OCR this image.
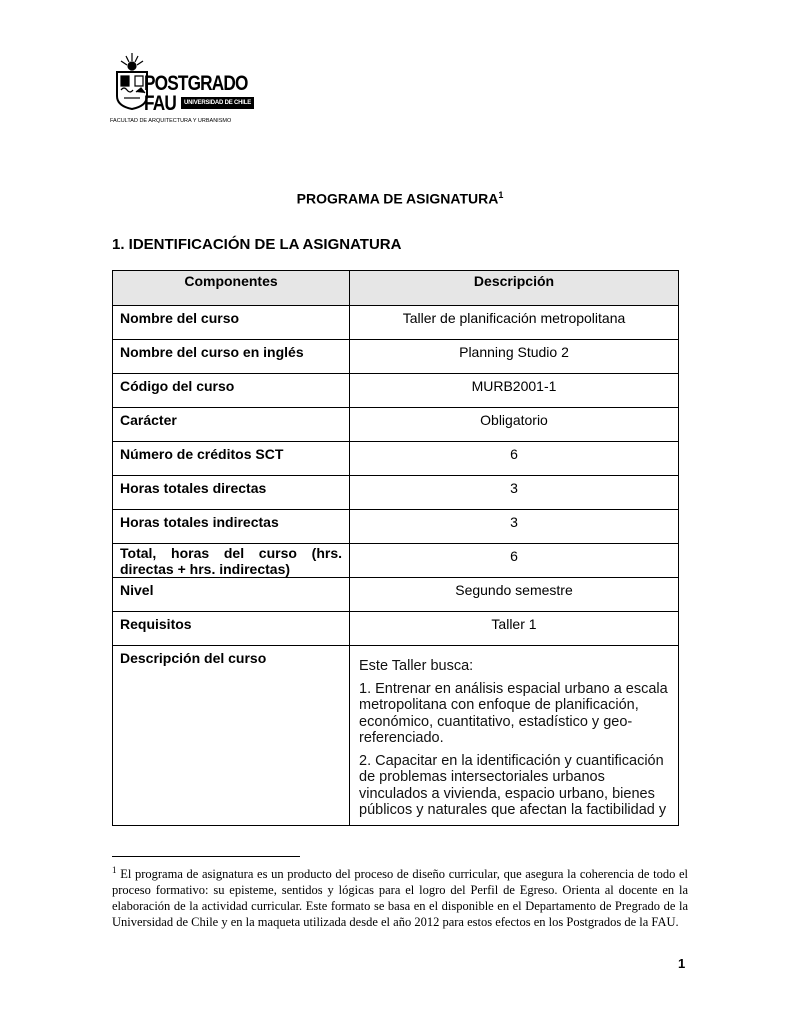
POSTGRADO
FAU	UNIVERSIDAD DE CHILE
FACULTAD DE ARQUITECTURA Y URBANISMO
PROGRAMA DE ASIGNATURA$^1$
1. IDENTIFICACIÓN DE LA ASIGNATURA
Componentes	Descripción
Nombre del curso	Taller de planificación metropolitana
Nombre del curso en inglés	Planning Studio 2
Código del curso	MURB2001-1
Carácter	Obligatorio
Número de créditos SCT	6
Horas totales directas	3
Horas totales indirectas	3
Total, horas del curso (hrs.
directas + hrs. indirectas)	6
Nivel	Segundo semestre
Requisitos	Taller 1
Descripción del curso	Este Taller busca:

1. Entrenar en análisis espacial urbano a escala metropolitana con enfoque de planificación, económico, cuantitativo, estadístico y geo-referenciado.

2. Capacitar en la identificación y cuantificación de problemas intersectoriales urbanos vinculados a vivienda, espacio urbano, bienes públicos y naturales que afectan la factibilidad y

$^1$ El programa de asignatura es un producto del proceso de diseño curricular, que asegura la coherencia de todo el proceso formativo: su episteme, sentidos y lógicas para el logro del Perfil de Egreso. Orienta al docente en la elaboración de la actividad curricular. Este formato se basa en el disponible en el Departamento de Pregrado de la Universidad de Chile y en la maqueta utilizada desde el año 2012 para estos efectos en los Postgrados de la FAU.
1
